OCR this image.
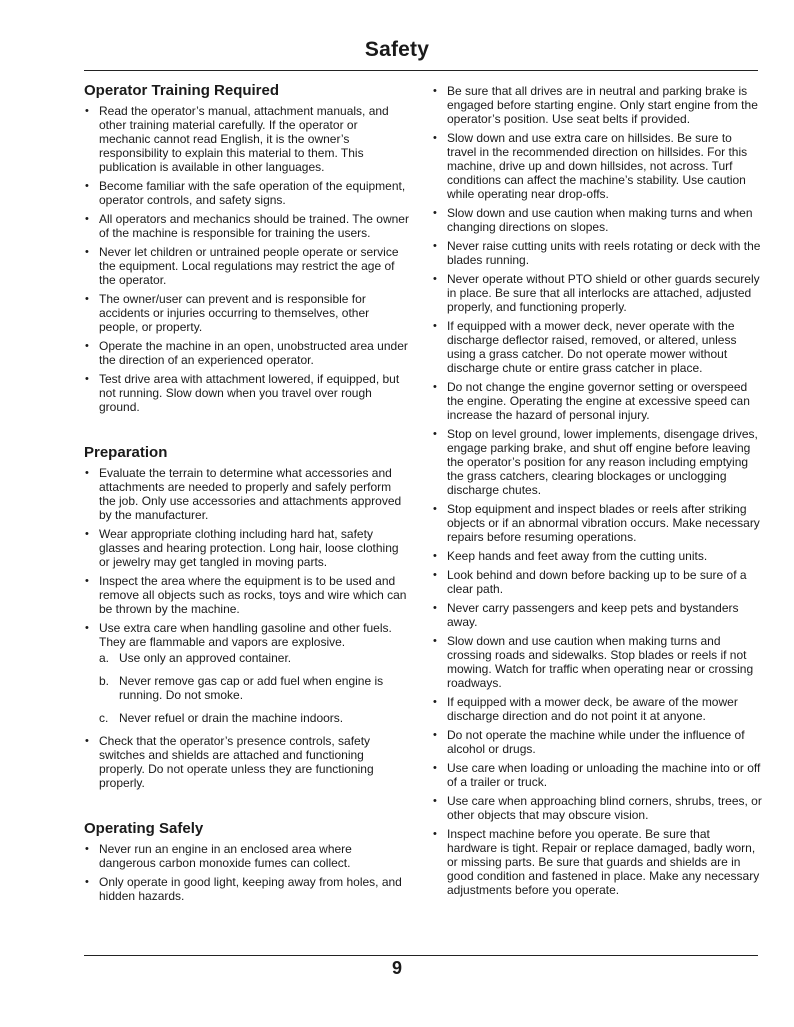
Safety
Operator Training Required
• Read the operator’s manual, attachment manuals, and other training material carefully. If the operator or mechanic cannot read English, it is the owner’s responsibility to explain this material to them. This publication is available in other languages.
• Become familiar with the safe operation of the equipment, operator controls, and safety signs.
• All operators and mechanics should be trained. The owner of the machine is responsible for training the users.
• Never let children or untrained people operate or service the equipment. Local regulations may restrict the age of the operator.
• The owner/user can prevent and is responsible for accidents or injuries occurring to themselves, other people, or property.
• Operate the machine in an open, unobstructed area under the direction of an experienced operator.
• Test drive area with attachment lowered, if equipped, but not running. Slow down when you travel over rough ground.
Preparation
• Evaluate the terrain to determine what accessories and attachments are needed to properly and safely perform the job. Only use accessories and attachments approved by the manufacturer.
• Wear appropriate clothing including hard hat, safety glasses and hearing protection. Long hair, loose clothing or jewelry may get tangled in moving parts.
• Inspect the area where the equipment is to be used and remove all objects such as rocks, toys and wire which can be thrown by the machine.
• Use extra care when handling gasoline and other fuels. They are flammable and vapors are explosive.
a. Use only an approved container.
b. Never remove gas cap or add fuel when engine is running. Do not smoke.
c. Never refuel or drain the machine indoors.
• Check that the operator’s presence controls, safety switches and shields are attached and functioning properly. Do not operate unless they are functioning properly.
Operating Safely
• Never run an engine in an enclosed area where dangerous carbon monoxide fumes can collect.
• Only operate in good light, keeping away from holes, and hidden hazards.
• Be sure that all drives are in neutral and parking brake is engaged before starting engine. Only start engine from the operator’s position. Use seat belts if provided.
• Slow down and use extra care on hillsides. Be sure to travel in the recommended direction on hillsides. For this machine, drive up and down hillsides, not across. Turf conditions can affect the machine’s stability. Use caution while operating near drop-offs.
• Slow down and use caution when making turns and when changing directions on slopes.
• Never raise cutting units with reels rotating or deck with the blades running.
• Never operate without PTO shield or other guards securely in place. Be sure that all interlocks are attached, adjusted properly, and functioning properly.
• If equipped with a mower deck, never operate with the discharge deflector raised, removed, or altered, unless using a grass catcher. Do not operate mower without discharge chute or entire grass catcher in place.
• Do not change the engine governor setting or overspeed the engine. Operating the engine at excessive speed can increase the hazard of personal injury.
• Stop on level ground, lower implements, disengage drives, engage parking brake, and shut off engine before leaving the operator’s position for any reason including emptying the grass catchers, clearing blockages or unclogging discharge chutes.
• Stop equipment and inspect blades or reels after striking objects or if an abnormal vibration occurs. Make necessary repairs before resuming operations.
• Keep hands and feet away from the cutting units.
• Look behind and down before backing up to be sure of a clear path.
• Never carry passengers and keep pets and bystanders away.
• Slow down and use caution when making turns and crossing roads and sidewalks. Stop blades or reels if not mowing. Watch for traffic when operating near or crossing roadways.
• If equipped with a mower deck, be aware of the mower discharge direction and do not point it at anyone.
• Do not operate the machine while under the influence of alcohol or drugs.
• Use care when loading or unloading the machine into or off of a trailer or truck.
• Use care when approaching blind corners, shrubs, trees, or other objects that may obscure vision.
• Inspect machine before you operate. Be sure that hardware is tight. Repair or replace damaged, badly worn, or missing parts. Be sure that guards and shields are in good condition and fastened in place. Make any necessary adjustments before you operate.
9
